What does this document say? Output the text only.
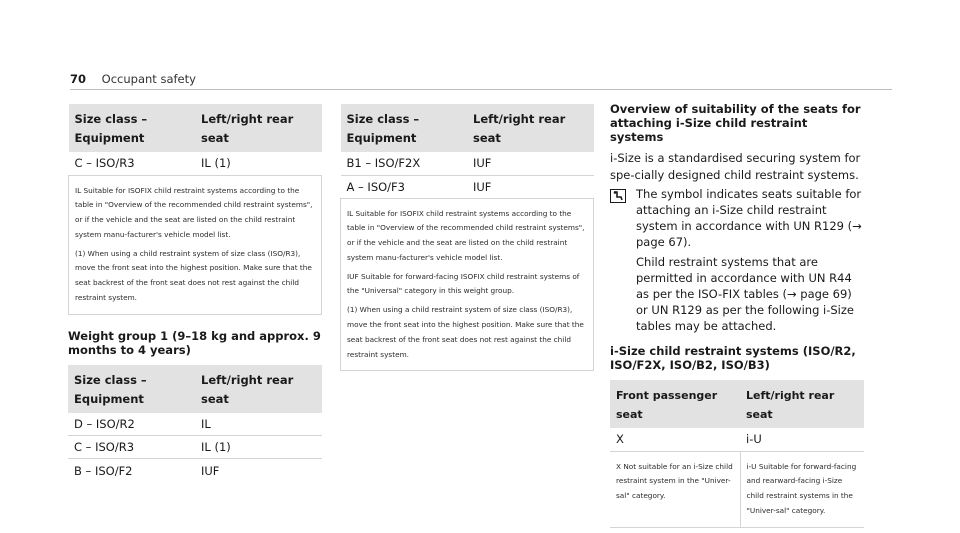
70 Occupant safety
Size class –
Equipment	Left/right rear seat
C – ISO/R3	IL (1)

IL Suitable for ISOFIX child restraint systems according to the table in "Overview of the recommended child restraint systems", or if the vehicle and the seat are listed on the child restraint system manu-facturer's vehicle model list.

(1) When using a child restraint system of size class (ISO/R3), move the front seat into the highest position. Make sure that the seat backrest of the front seat does not rest against the child restraint system.	

Weight group 1 (9–18 kg and approx. 9 months to 4 years)
Size class –
Equipment	Left/right rear seat
D – ISO/R2	IL
C – ISO/R3	IL (1)
B – ISO/F2	IUF
Size class –
Equipment	Left/right rear seat
B1 – ISO/F2X	IUF
A – ISO/F3	IUF

IL Suitable for ISOFIX child restraint systems according to the table in "Overview of the recommended child restraint systems", or if the vehicle and the seat are listed on the child restraint system manu-facturer's vehicle model list.

IUF Suitable for forward-facing ISOFIX child restraint systems of the "Universal" category in this weight group.

(1) When using a child restraint system of size class (ISO/R3), move the front seat into the highest position. Make sure that the seat backrest of the front seat does not rest against the child restraint system.	

Overview of suitability of the seats for attaching i-Size child restraint systems
i-Size is a standardised securing system for spe-cially designed child restraint systems.
The symbol indicates seats suitable for attaching an i-Size child restraint system in accordance with UN R129 (→ page 67).
Child restraint systems that are permitted in accordance with UN R44 as per the ISO-FIX tables (→ page 69) or UN R129 as per the following i-Size tables may be attached.
i-Size child restraint systems (ISO/R2, ISO/F2X, ISO/B2, ISO/B3)
Front passenger seat	Left/right rear seat
X	i-U
X Not suitable for an i-Size child restraint system in the "Univer-sal" category.	i-U Suitable for forward-facing and rearward-facing i-Size child restraint systems in the "Univer-sal" category.
